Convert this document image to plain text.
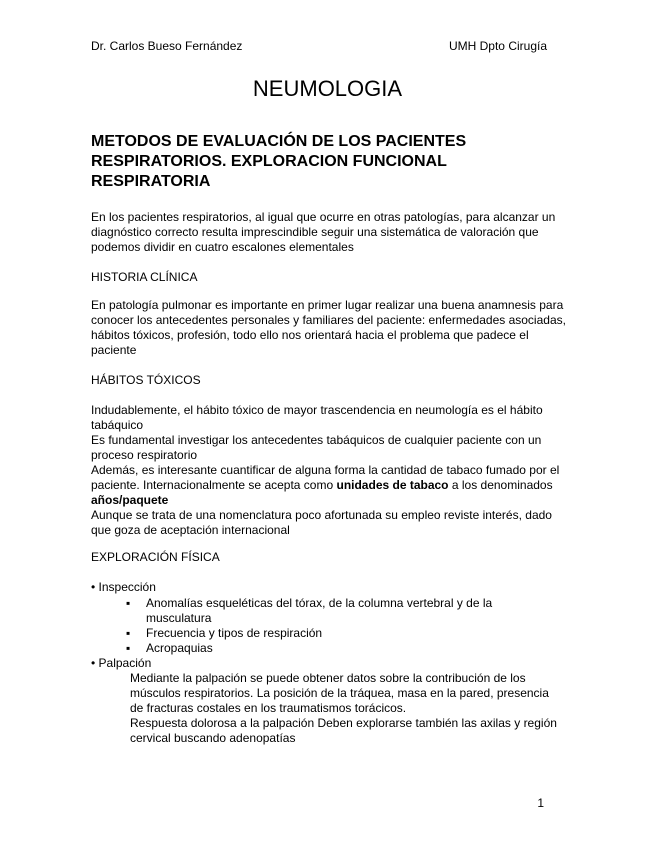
Dr. Carlos Bueso Fernández	UMH Dpto Cirugía
NEUMOLOGIA
METODOS DE EVALUACIÓN DE LOS PACIENTES RESPIRATORIOS. EXPLORACION FUNCIONAL RESPIRATORIA
En los pacientes respiratorios, al igual que ocurre en otras patologías, para alcanzar un diagnóstico correcto resulta imprescindible seguir una sistemática de valoración que podemos dividir en cuatro escalones elementales
HISTORIA CLÍNICA
En patología pulmonar es importante en primer lugar realizar una buena anamnesis para conocer los antecedentes personales y familiares del paciente: enfermedades asociadas, hábitos tóxicos, profesión, todo ello nos orientará hacia el problema que padece el paciente
HÁBITOS TÓXICOS

Indudablemente, el hábito tóxico de mayor trascendencia en neumología es el hábito tabáquico

Es fundamental investigar los antecedentes tabáquicos de cualquier paciente con un proceso respiratorio

Además, es interesante cuantificar de alguna forma la cantidad de tabaco fumado por el paciente. Internacionalmente se acepta como unidades de tabaco a los denominados años/paquete

Aunque se trata de una nomenclatura poco afortunada su empleo reviste interés, dado que goza de aceptación internacional

EXPLORACIÓN FÍSICA
• Inspección
▪	Anomalías esqueléticas del tórax, de la columna vertebral y de la musculatura
▪	Frecuencia y tipos de respiración
▪	Acropaquias
• Palpación

Mediante la palpación se puede obtener datos sobre la contribución de los músculos respiratorios. La posición de la tráquea, masa en la pared, presencia de fracturas costales en los traumatismos torácicos.

Respuesta dolorosa a la palpación Deben explorarse también las axilas y región cervical buscando adenopatías

1
